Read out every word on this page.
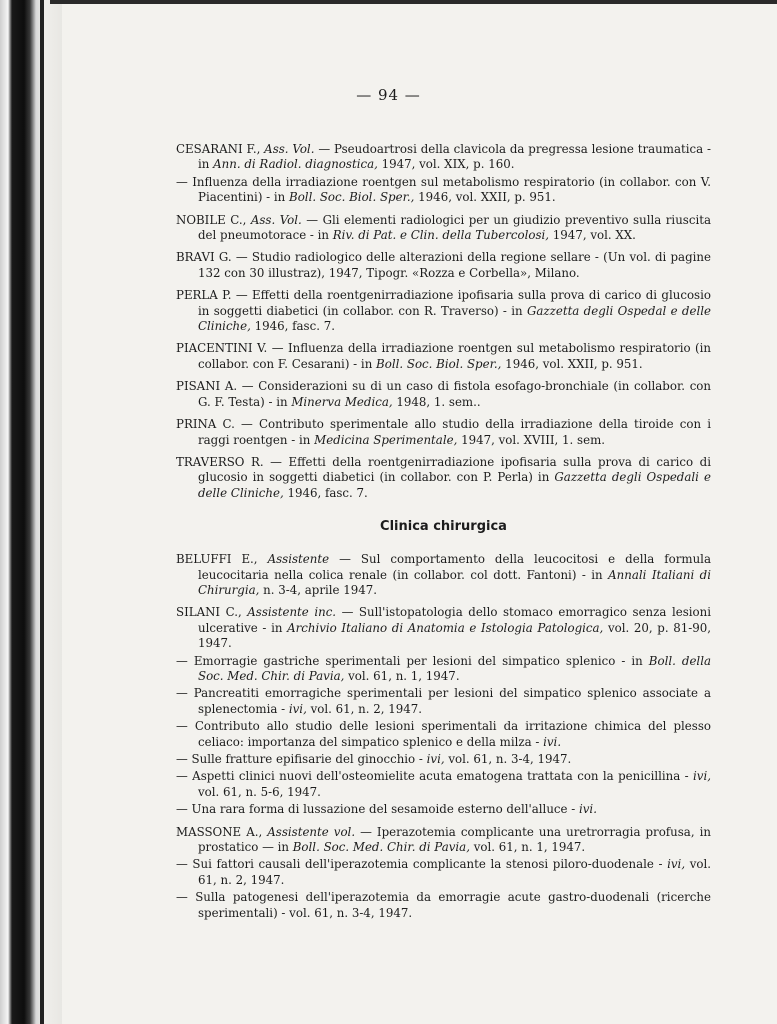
— 94 —
CESARANI F., Ass. Vol. — Pseudoartrosi della clavicola da pregressa lesione traumatica - in Ann. di Radiol. diagnostica, 1947, vol. XIX, p. 160.
— Influenza della irradiazione roentgen sul metabolismo respiratorio (in collabor. con V. Piacentini) - in Boll. Soc. Biol. Sper., 1946, vol. XXII, p. 951.
NOBILE C., Ass. Vol. — Gli elementi radiologici per un giudizio preventivo sulla riuscita del pneumotorace - in Riv. di Pat. e Clin. della Tubercolosi, 1947, vol. XX.
BRAVI G. — Studio radiologico delle alterazioni della regione sellare - (Un vol. di pagine 132 con 30 illustraz), 1947, Tipogr. «Rozza e Corbella», Milano.
PERLA P. — Effetti della roentgenirradiazione ipofisaria sulla prova di carico di glucosio in soggetti diabetici (in collabor. con R. Traverso) - in Gazzetta degli Ospedal e delle Cliniche, 1946, fasc. 7.
PIACENTINI V. — Influenza della irradiazione roentgen sul metabolismo respiratorio (in collabor. con F. Cesarani) - in Boll. Soc. Biol. Sper., 1946, vol. XXII, p. 951.
PISANI A. — Considerazioni su di un caso di fistola esofago-bronchiale (in collabor. con G. F. Testa) - in Minerva Medica, 1948, 1. sem..
PRINA C. — Contributo sperimentale allo studio della irradiazione della tiroide con i raggi roentgen - in Medicina Sperimentale, 1947, vol. XVIII, 1. sem.
TRAVERSO R. — Effetti della roentgenirradiazione ipofisaria sulla prova di carico di glucosio in soggetti diabetici (in collabor. con P. Perla) in Gazzetta degli Ospedali e delle Cliniche, 1946, fasc. 7.
Clinica chirurgica
BELUFFI E., Assistente — Sul comportamento della leucocitosi e della formula leucocitaria nella colica renale (in collabor. col dott. Fantoni) - in Annali Italiani di Chirurgia, n. 3-4, aprile 1947.
SILANI C., Assistente inc. — Sull'istopatologia dello stomaco emorragico senza lesioni ulcerative - in Archivio Italiano di Anatomia e Istologia Patologica, vol. 20, p. 81-90, 1947.
— Emorragie gastriche sperimentali per lesioni del simpatico splenico - in Boll. della Soc. Med. Chir. di Pavia, vol. 61, n. 1, 1947.
— Pancreatiti emorragiche sperimentali per lesioni del simpatico splenico associate a splenectomia - ivi, vol. 61, n. 2, 1947.
— Contributo allo studio delle lesioni sperimentali da irritazione chimica del plesso celiaco: importanza del simpatico splenico e della milza - ivi.
— Sulle fratture epifisarie del ginocchio - ivi, vol. 61, n. 3-4, 1947.
— Aspetti clinici nuovi dell'osteomielite acuta ematogena trattata con la penicillina - ivi, vol. 61, n. 5-6, 1947.
— Una rara forma di lussazione del sesamoide esterno dell'alluce - ivi.
MASSONE A., Assistente vol. — Iperazotemia complicante una uretrorragia profusa, in prostatico — in Boll. Soc. Med. Chir. di Pavia, vol. 61, n. 1, 1947.
— Sui fattori causali dell'iperazotemia complicante la stenosi piloro-duodenale - ivi, vol. 61, n. 2, 1947.
— Sulla patogenesi dell'iperazotemia da emorragie acute gastro-duodenali (ricerche sperimentali) - vol. 61, n. 3-4, 1947.
